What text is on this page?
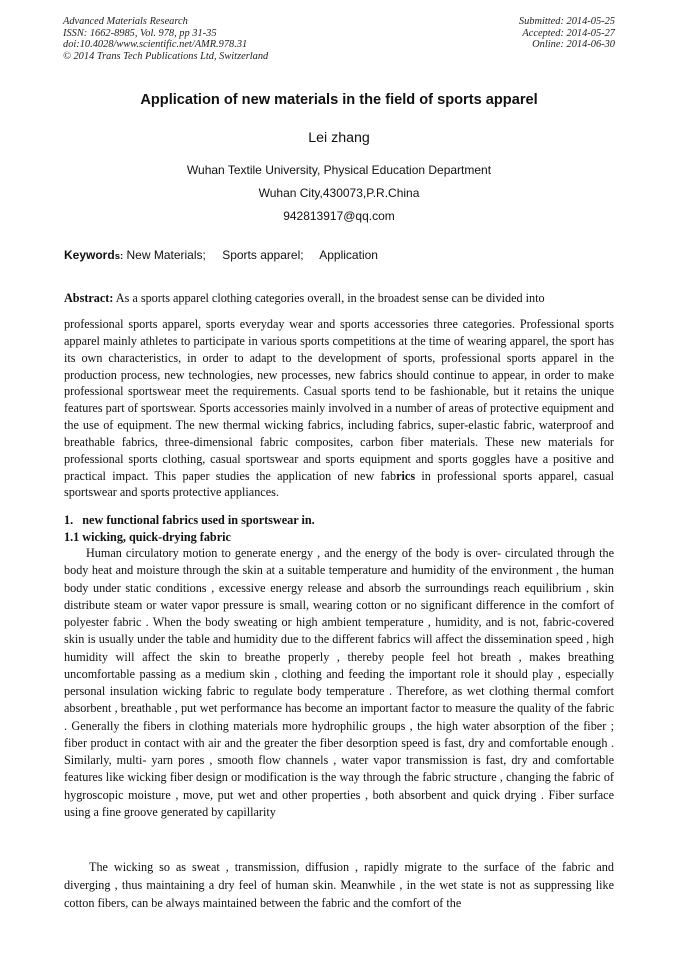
Advanced Materials Research
ISSN: 1662-8985, Vol. 978, pp 31-35
doi:10.4028/www.scientific.net/AMR.978.31
© 2014 Trans Tech Publications Ltd, Switzerland
Submitted: 2014-05-25
Accepted: 2014-05-27
Online: 2014-06-30
Application of new materials in the field of sports apparel
Lei zhang
Wuhan Textile University, Physical Education Department
Wuhan City,430073,P.R.China
942813917@qq.com
Keywords: New Materials; Sports apparel; Application
Abstract: As a sports apparel clothing categories overall, in the broadest sense can be divided into
professional sports apparel, sports everyday wear and sports accessories three categories. Professional sports apparel mainly athletes to participate in various sports competitions at the time of wearing apparel, the sport has its own characteristics, in order to adapt to the development of sports, professional sports apparel in the production process, new technologies, new processes, new fabrics should continue to appear, in order to make professional sportswear meet the requirements. Casual sports tend to be fashionable, but it retains the unique features part of sportswear. Sports accessories mainly involved in a number of areas of protective equipment and the use of equipment. The new thermal wicking fabrics, including fabrics, super-elastic fabric, waterproof and breathable fabrics, three-dimensional fabric composites, carbon fiber materials. These new materials for professional sports clothing, casual sportswear and sports equipment and sports goggles have a positive and practical impact. This paper studies the application of new fabrics in professional sports apparel, casual sportswear and sports protective appliances.
1.   new functional fabrics used in sportswear in.
1.1 wicking, quick-drying fabric
Human circulatory motion to generate energy , and the energy of the body is over- circulated through the body heat and moisture through the skin at a suitable temperature and humidity of the environment , the human body under static conditions , excessive energy release and absorb the surroundings reach equilibrium , skin distribute steam or water vapor pressure is small, wearing cotton or no significant difference in the comfort of polyester fabric . When the body sweating or high ambient temperature , humidity, and is not, fabric-covered skin is usually under the table and humidity due to the different fabrics will affect the dissemination speed , high humidity will affect the skin to breathe properly , thereby people feel hot breath , makes breathing uncomfortable passing as a medium skin , clothing and feeding the important role it should play , especially personal insulation wicking fabric to regulate body temperature . Therefore, as wet clothing thermal comfort absorbent , breathable , put wet performance has become an important factor to measure the quality of the fabric . Generally the fibers in clothing materials more hydrophilic groups , the high water absorption of the fiber ; fiber product in contact with air and the greater the fiber desorption speed is fast, dry and comfortable enough . Similarly, multi- yarn pores , smooth flow channels , water vapor transmission is fast, dry and comfortable features like wicking fiber design or modification is the way through the fabric structure , changing the fabric of hygroscopic moisture , move, put wet and other properties , both absorbent and quick drying . Fiber surface using a fine groove generated by capillarity
The wicking so as sweat , transmission, diffusion , rapidly migrate to the surface of the fabric and diverging , thus maintaining a dry feel of human skin. Meanwhile , in the wet state is not as suppressing like cotton fibers, can be always maintained between the fabric and the comfort of the
